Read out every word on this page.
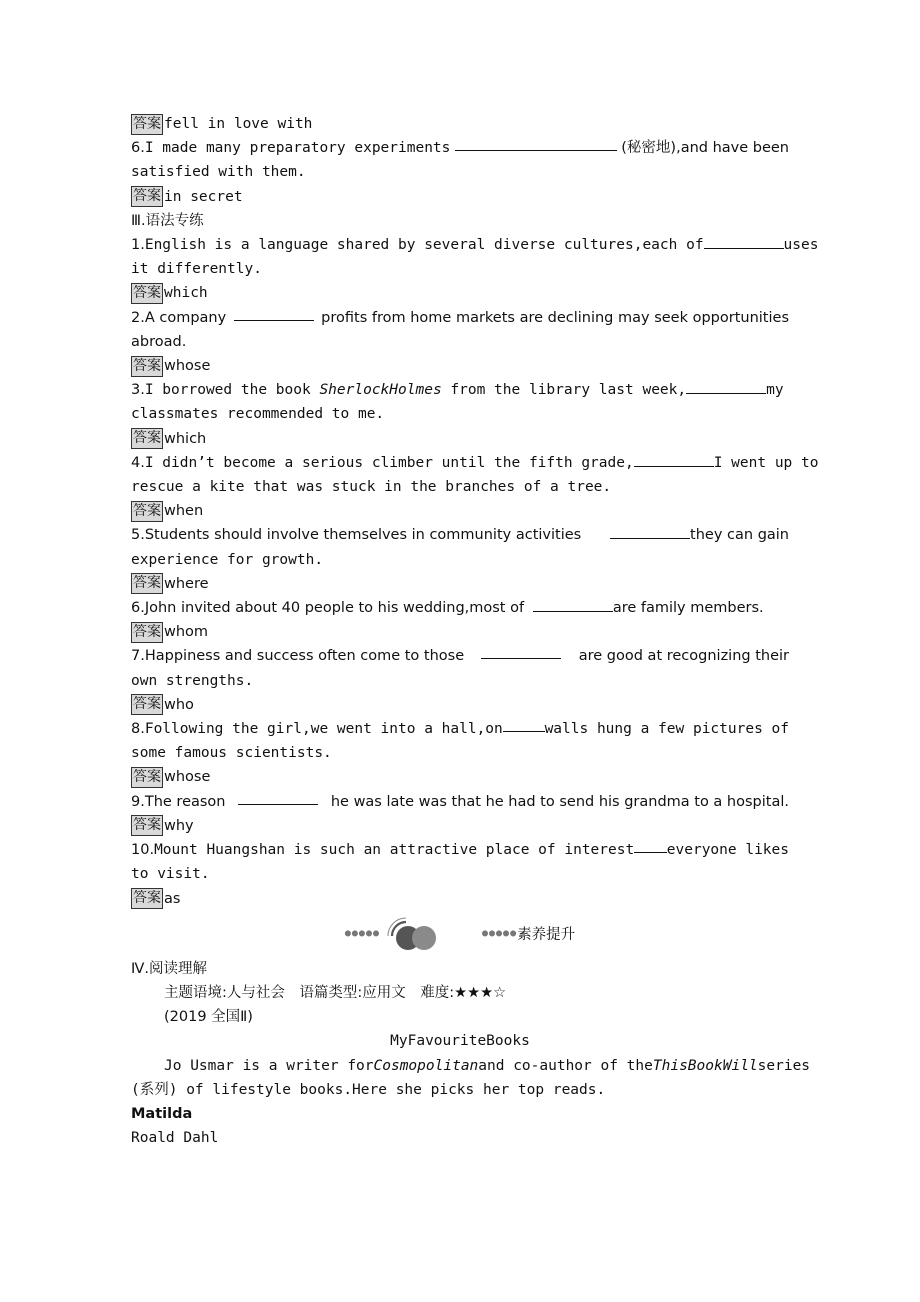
答案 fell in love with
6.I made many preparatory experiments	(秘密地),and have been
satisfied with them.
答案 in secret
Ⅲ.语法专练
1.English is a language shared by several diverse cultures,each of	uses
it differently.
答案 which
2.A company	profits from home markets are declining may seek opportunities
abroad.
答案 whose
3.I borrowed the book SherlockHolmes from the library last week,	my
classmates recommended to me.
答案 which
4.I didn’t become a serious climber until the fifth grade,	I went up to
rescue a kite that was stuck in the branches of a tree.
答案 when
5.Students should involve themselves in community activities	they can gain
experience for growth.
答案 where
6.John invited about 40 people to his wedding,most of	are family members.
答案 whom
7.Happiness and success often come to those	are good at recognizing their
own strengths.
答案 who
8.Following the girl,we went into a hall,on	walls hung a few pictures of
some famous scientists.
答案 whose
9.The reason	he was late was that he had to send his grandma to a hospital.
答案 why
10.Mount Huangshan is such an attractive place of interest everyone likes
to visit.
答案 as
●●●●●	●●●●● 素养提升
Ⅳ.阅读理解
主题语境:人与社会　语篇类型:应用文　难度:★★★☆
(2019 全国Ⅱ)
MyFavouriteBooks
Jo Usmar is a writer for Cosmopolitan and co-author of the ThisBookWill series
(系列) of lifestyle books.Here she picks her top reads.
Matilda
Roald Dahl
